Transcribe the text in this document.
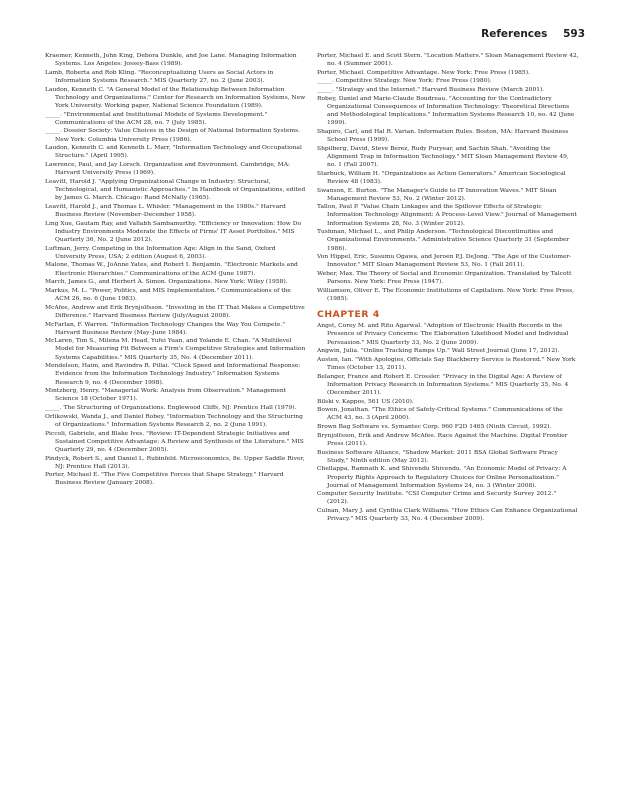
References 593

Kraemer, Kenneth, John King, Debora Dunkle, and Joe Lane. Managing Information Systems. Los Angeles: Jossey-Bass (1989).

Lamb, Roberta and Rob Kling. "Reconceptualizing Users as Social Actors in Information Systems Research." MIS Quarterly 27, no. 2 (June 2003).

Laudon, Kenneth C. "A General Model of the Relationship Between Information Technology and Organizations." Center for Research on Information Systems, New York University. Working paper, National Science Foundation (1989).

_____. "Environmental and Institutional Models of Systems Development." Communications of the ACM 28, no. 7 (July 1985).

_____. Dossier Society: Value Choices in the Design of National Information Systems. New York: Columbia University Press (1986).

Laudon, Kenneth C. and Kenneth L. Marr, "Information Technology and Occupational Structure." (April 1995).

Lawrence, Paul, and Jay Lorsch. Organization and Environment. Cambridge, MA: Harvard University Press (1969).

Leavitt, Harold J. "Applying Organizational Change in Industry: Structural, Technological, and Humanistic Approaches." In Handbook of Organizations, edited by James G. March. Chicago: Rand McNally (1965).

Leavitt, Harold J., and Thomas L. Whisler. "Management in the 1980s." Harvard Business Review (November–December 1958).

Ling Xue, Gautam Ray, and Vallabh Sambamurthy. "Efficiency or Innovation: How Do Industry Environments Moderate the Effects of Firms' IT Asset Portfolios." MIS Quarterly 36, No. 2 (June 2012).

Luftman, Jerry. Competing in the Information Age: Align in the Sand, Oxford University Press, USA; 2 edition (August 6, 2003).

Malone, Thomas W., JoAnne Yates, and Robert I. Benjamin. "Electronic Markets and Electronic Hierarchies." Communications of the ACM (June 1987).

March, James G., and Herbert A. Simon. Organizations. New York: Wiley (1958).

Markus, M. L. "Power, Politics, and MIS Implementation." Communications of the ACM 26, no. 6 (June 1983).

McAfee, Andrew and Erik Brynjolfsson. "Investing in the IT That Makes a Competitive Difference." Harvard Business Review (July/August 2008).

McFarlan, F. Warren. "Information Technology Changes the Way You Compete." Harvard Business Review (May–June 1984).

McLaren, Tim S., Milena M. Head, Yufei Yuan, and Yolande E. Chan. "A Multilevel Model for Measuring Fit Between a Firm's Competitive Strategies and Information Systems Capabilities." MIS Quarterly 35, No. 4 (December 2011).

Mendelson, Haim, and Ravindra R. Pillai. "Clock Speed and Informational Response: Evidence from the Information Technology Industry." Information Systems Research 9, no. 4 (December 1998).

Mintzberg, Henry. "Managerial Work: Analysis from Observation." Management Science 18 (October 1971).

_____. The Structuring of Organizations. Englewood Cliffs, NJ: Prentice Hall (1979).

Orlikowski, Wanda J., and Daniel Robey. "Information Technology and the Structuring of Organizations." Information Systems Research 2, no. 2 (June 1991).

Piccoli, Gabriele, and Blake Ives. "Review: IT-Dependent Strategic Initiatives and Sustained Competitive Advantage: A Review and Synthesis of the Literature." MIS Quarterly 29, no. 4 (December 2005).

Pindyck, Robert S., and Daniel L. Rubinfeld. Microeconomics, 8e. Upper Saddle River, NJ: Prentice Hall (2013).

Porter, Michael E. "The Five Competitive Forces that Shape Strategy." Harvard Business Review (January 2008).

Porter, Michael E. and Scott Stern. "Location Matters." Sloan Management Review 42, no. 4 (Summer 2001).

Porter, Michael. Competitive Advantage. New York: Free Press (1985).

_____. Competitive Strategy. New York: Free Press (1980).

_____. "Strategy and the Internet." Harvard Business Review (March 2001).

Robey, Daniel and Marie-Claude Boudreau. "Accounting for the Contradictory Organizational Consequences of Information Technology: Theoretical Directions and Methodological Implications." Information Systems Research 10, no. 42 (June 1999).

Shapiro, Carl, and Hal R. Varian. Information Rules. Boston, MA: Harvard Business School Press (1999).

Shpilberg, David, Steve Berez, Rudy Puryear, and Sachin Shah. "Avoiding the Alignment Trap in Information Technology." MIT Sloan Management Review 49, no. 1 (Fall 2007).

Starbuck, William H. "Organizations as Action Generators." American Sociological Review 48 (1983).

Swanson, E. Burton. "The Manager's Guide to IT Innovation Waves." MIT Sloan Management Review 53, No. 2 (Winter 2012).

Tallon, Paul P. "Value Chain Linkages and the Spillover Effects of Strategic Information Technology Alignment: A Process-Level View." Journal of Management Information Systems 28, No. 3 (Winter 2012).

Tushman, Michael L., and Philip Anderson. "Technological Discontinuities and Organizational Environments." Administrative Science Quarterly 31 (September 1986).

Von Hippel, Eric, Susumu Ogawa, and Jeroen P.J. DeJong. "The Age of the Customer-Innovator." MIT Sloan Management Review 53, No. 1 (Fall 2011).

Weber, Max. The Theory of Social and Economic Organization. Translated by Talcott Parsons. New York: Free Press (1947).

Williamson, Oliver E. The Economic Institutions of Capitalism. New York: Free Press, (1985).

CHAPTER 4

Angst, Corey M. and Ritu Agarwal. "Adoption of Electronic Health Records in the Presence of Privacy Concerns: The Elaboration Likelihood Model and Individual Persuasion." MIS Quarterly 33, No. 2 (June 2009).

Angwin, Julia. "Online Tracking Ramps Up." Wall Street Journal (June 17, 2012).

Austen, Ian. "With Apologies, Officials Say Blackberry Service is Restored." New York Times (October 13, 2011).

Belanger, France and Robert E. Crossler. "Privacy in the Digital Age: A Review of Information Privacy Research in Information Systems." MIS Quarterly 35, No. 4 (December 2011).

Bilski v. Kappos, 561 US (2010).

Bowen, Jonathan. "The Ethics of Safety-Critical Systems." Communications of the ACM 43, no. 3 (April 2000).

Brown Bag Software vs. Symantec Corp. 960 F2D 1465 (Ninth Circuit, 1992).

Brynjolfsson, Erik and Andrew McAfee. Race Against the Machine. Digital Frontier Press (2011).

Business Software Alliance, "Shadow Market: 2011 BSA Global Software Piracy Study," Ninth edition (May 2012).

Chellappa, Ramnath K. and Shivendu Shivendu. "An Economic Model of Privacy: A Property Rights Approach to Regulatory Choices for Online Personalization." Journal of Management Information Systems 24, no. 3 (Winter 2008).

Computer Security Institute. "CSI Computer Crime and Security Survey 2012." (2012).

Culnan, Mary J. and Cynthia Clark Williams. "How Ethics Can Enhance Organizational Privacy." MIS Quarterly 33, No. 4 (December 2009).
